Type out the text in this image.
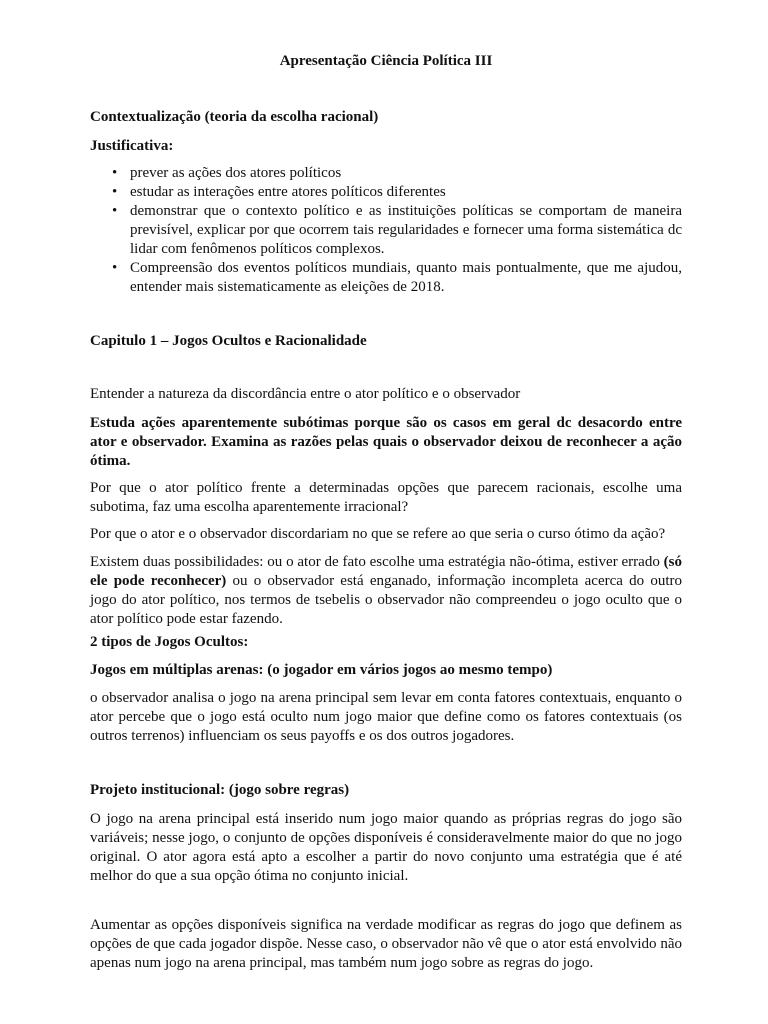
Apresentação Ciência Política III

Contextualização (teoria da escolha racional)

Justificativa:

• prever as ações dos atores políticos
• estudar as interações entre atores políticos diferentes
• demonstrar que o contexto político e as instituições políticas se comportam de maneira previsível, explicar por que ocorrem tais regularidades e fornecer uma forma sistemática dc lidar com fenômenos políticos complexos.
• Compreensão dos eventos políticos mundiais, quanto mais pontualmente, que me ajudou, entender mais sistematicamente as eleições de 2018.

Capitulo 1 – Jogos Ocultos e Racionalidade

Entender a natureza da discordância entre o ator político e o observador

Estuda ações aparentemente subótimas porque são os casos em geral dc desacordo entre ator e observador. Examina as razões pelas quais o observador deixou de reconhecer a ação ótima.

Por que o ator político frente a determinadas opções que parecem racionais, escolhe uma subotima, faz uma escolha aparentemente irracional?

Por que o ator e o observador discordariam no que se refere ao que seria o curso ótimo da ação?

Existem duas possibilidades: ou o ator de fato escolhe uma estratégia não-ótima, estiver errado (só ele pode reconhecer) ou o observador está enganado, informação incompleta acerca do outro jogo do ator político, nos termos de tsebelis o observador não compreendeu o jogo oculto que o ator político pode estar fazendo.

2 tipos de Jogos Ocultos:

Jogos em múltiplas arenas: (o jogador em vários jogos ao mesmo tempo)

o observador analisa o jogo na arena principal sem levar em conta fatores contextuais, enquanto o ator percebe que o jogo está oculto num jogo maior que define como os fatores contextuais (os outros terrenos) influenciam os seus payoffs e os dos outros jogadores.

Projeto institucional: (jogo sobre regras)

O jogo na arena principal está inserido num jogo maior quando as próprias regras do jogo são variáveis; nesse jogo, o conjunto de opções disponíveis é consideravelmente maior do que no jogo original. O ator agora está apto a escolher a partir do novo conjunto uma estratégia que é até melhor do que a sua opção ótima no conjunto inicial.

Aumentar as opções disponíveis significa na verdade modificar as regras do jogo que definem as opções de que cada jogador dispõe. Nesse caso, o observador não vê que o ator está envolvido não apenas num jogo na arena principal, mas também num jogo sobre as regras do jogo.
